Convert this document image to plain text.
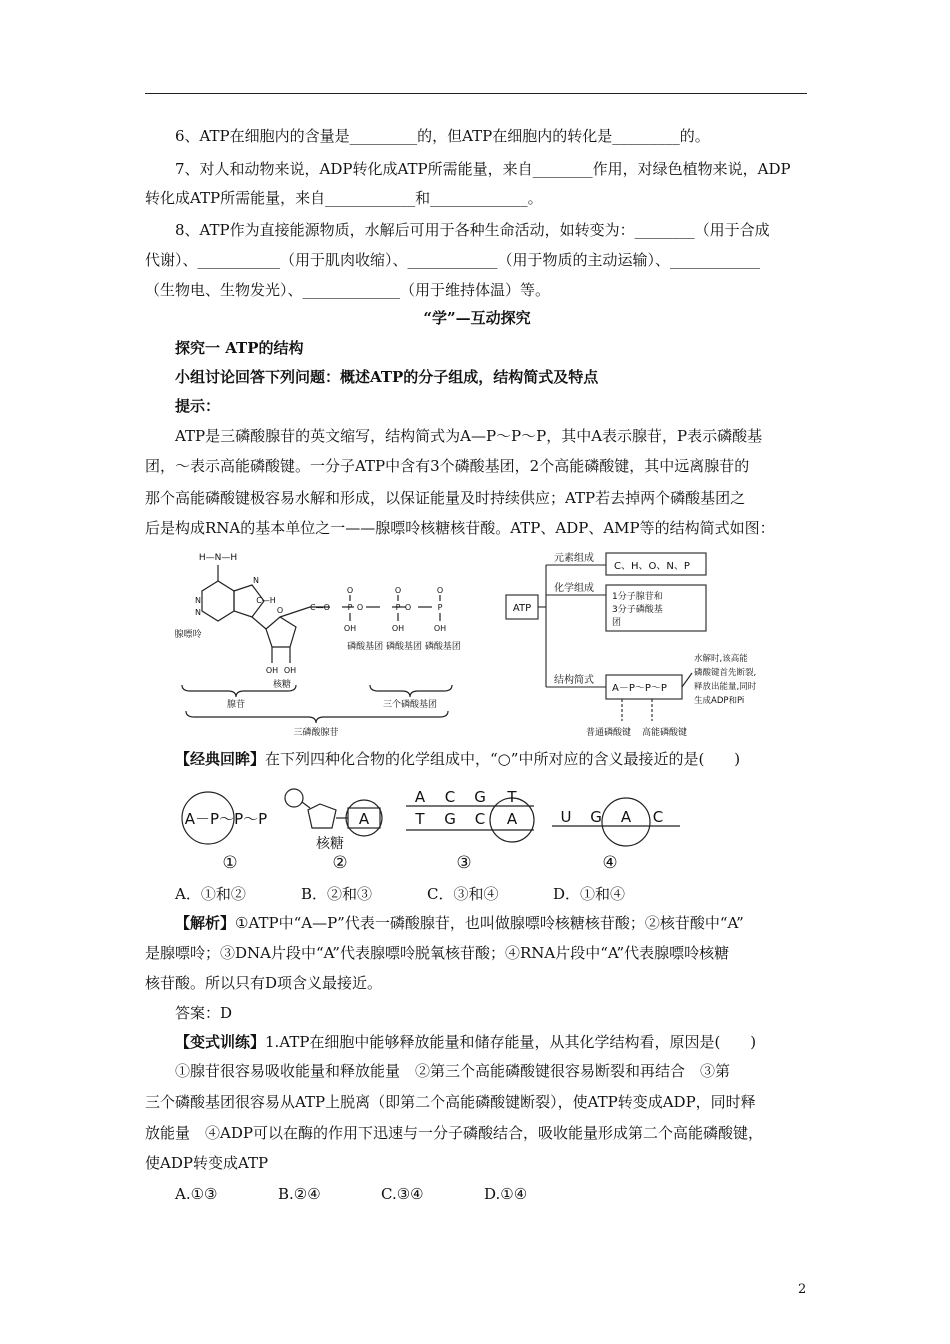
6、ATP在细胞内的含量是_________的，但ATP在细胞内的转化是_________的。
7、对人和动物来说，ADP转化成ATP所需能量，来自________作用，对绿色植物来说，ADP
转化成ATP所需能量，来自____________和_____________。
8、ATP作为直接能源物质，水解后可用于各种生命活动，如转变为：________（用于合成
代谢）、___________（用于肌肉收缩）、____________（用于物质的主动运输）、____________
（生物电、生物发光）、_____________（用于维持体温）等。
“学”—互动探究
探究一 ATP的结构
小组讨论回答下列问题：概述ATP的分子组成，结构简式及特点
提示：
ATP是三磷酸腺苷的英文缩写，结构简式为A—P～P～P，其中A表示腺苷，P表示磷酸基
团，～表示高能磷酸键。一分子ATP中含有3个磷酸基团，2个高能磷酸键，其中远离腺苷的
那个高能磷酸键极容易水解和形成，以保证能量及时持续供应；ATP若去掉两个磷酸基团之
后是构成RNA的基本单位之一——腺嘌呤核糖核苷酸。ATP、ADP、AMP等的结构简式如图：
H—N—H
N
N
N
C—H
O	C—O P O	P O	P
O	O	O
OH	OH	OH
OH OH
腺嘌呤
核糖
磷酸基团 磷酸基团 磷酸基团
腺苷	三个磷酸基团
三磷酸腺苷
ATP
元素组成
C、H、O、N、P
化学组成
1分子腺苷和
3分子磷酸基
团
结构简式
A－P～P～P
水解时,该高能
磷酸键首先断裂,
释放出能量,同时
生成ADP和Pi
普通磷酸键 高能磷酸键
【经典回眸】在下列四种化合物的化学组成中，“○”中所对应的含义最接近的是(　　)
A－P～P～P
核糖
A
A C G T
T G C A	U G A C
①	②	③	④
A．①和②	B．②和③	C．③和④	D．①和④
【解析】①ATP中“A—P”代表一磷酸腺苷，也叫做腺嘌呤核糖核苷酸；②核苷酸中“A”
是腺嘌呤；③DNA片段中“A”代表腺嘌呤脱氧核苷酸；④RNA片段中“A”代表腺嘌呤核糖
核苷酸。所以只有D项含义最接近。
答案：D
【变式训练】1.ATP在细胞中能够释放能量和储存能量，从其化学结构看，原因是(　　)
①腺苷很容易吸收能量和释放能量　②第三个高能磷酸键很容易断裂和再结合　③第
三个磷酸基团很容易从ATP上脱离（即第二个高能磷酸键断裂），使ATP转变成ADP，同时释
放能量　④ADP可以在酶的作用下迅速与一分子磷酸结合，吸收能量形成第二个高能磷酸键，
使ADP转变成ATP
A.①③	B.②④	C.③④	D.①④
2
